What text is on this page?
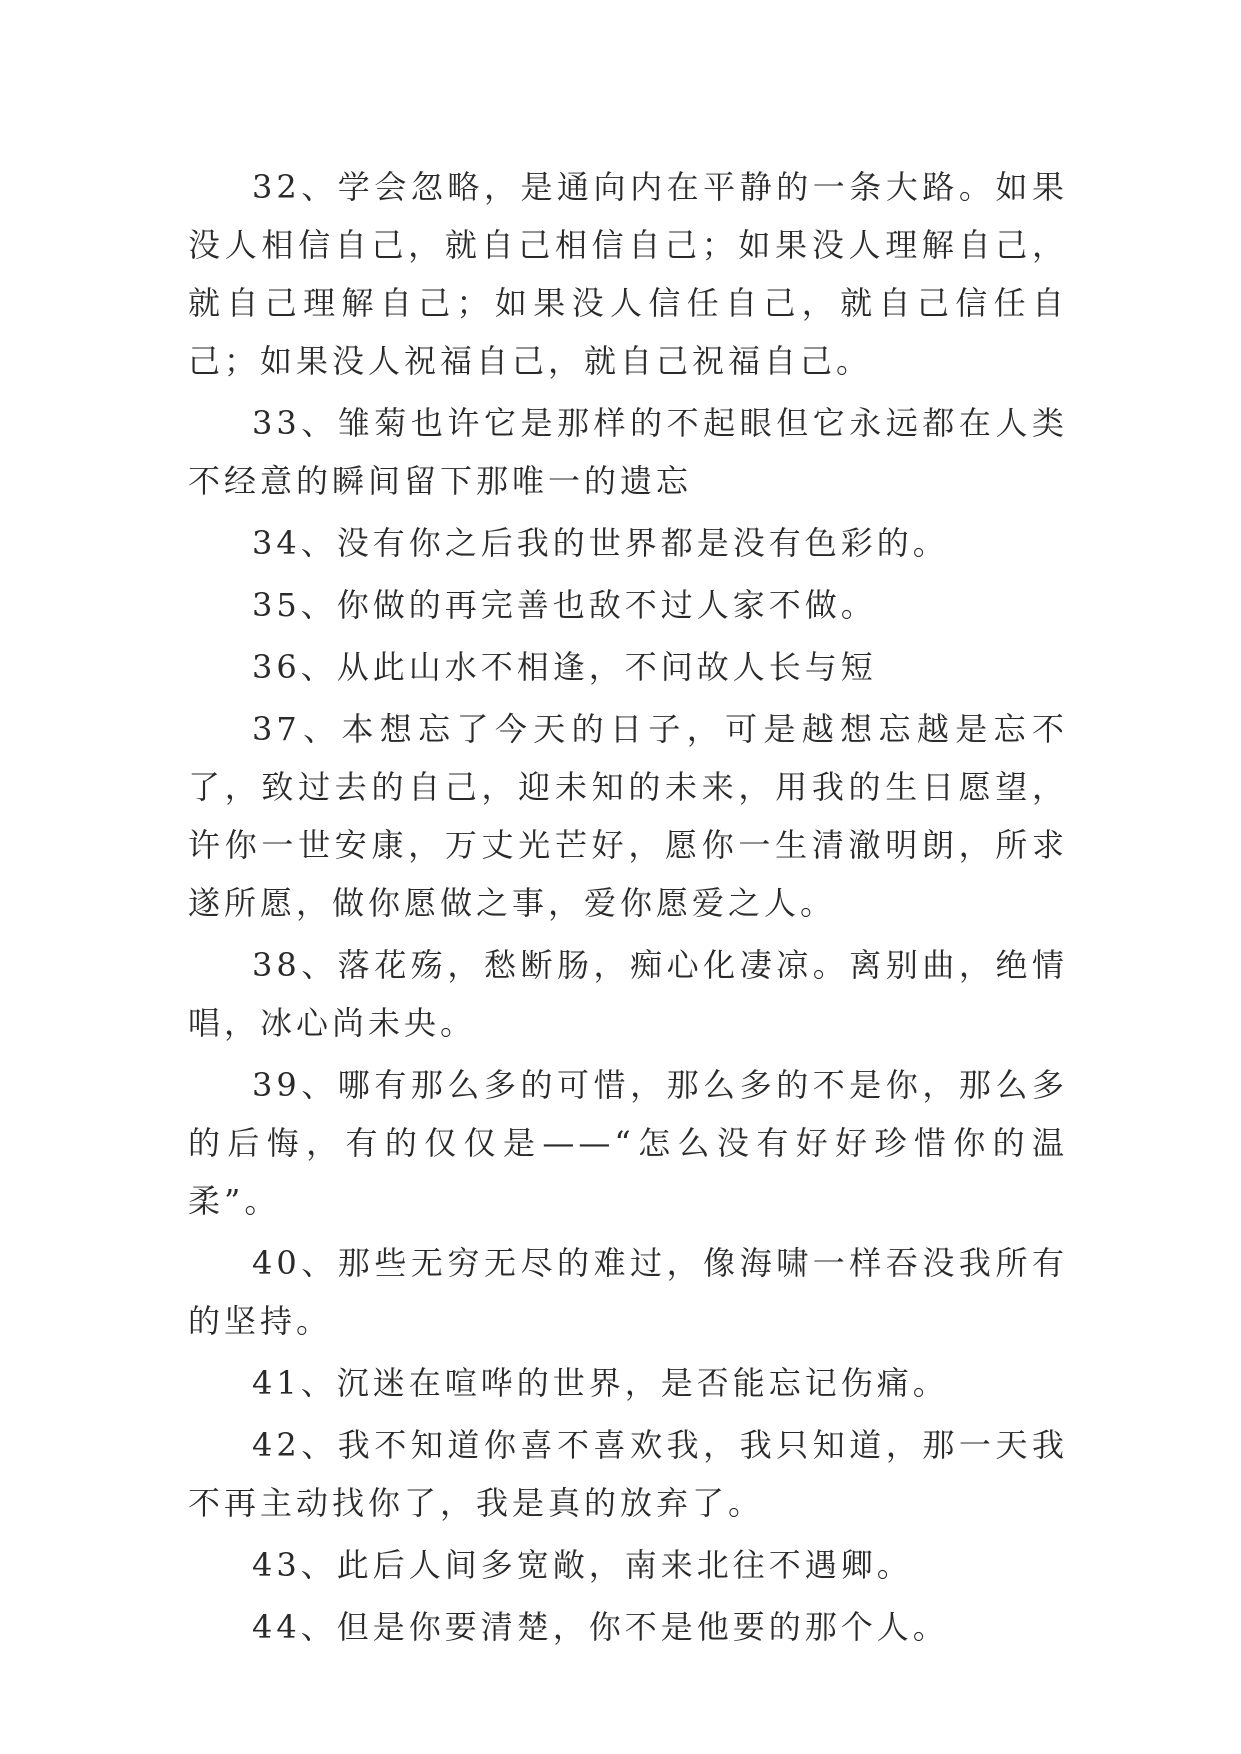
32、学会忽略，是通向内在平静的一条大路。如果没人相信自己，就自己相信自己；如果没人理解自己，就自己理解自己；如果没人信任自己，就自己信任自己；如果没人祝福自己，就自己祝福自己。

33、雏菊也许它是那样的不起眼但它永远都在人类不经意的瞬间留下那唯一的遗忘

34、没有你之后我的世界都是没有色彩的。

35、你做的再完善也敌不过人家不做。

36、从此山水不相逢，不问故人长与短

37、本想忘了今天的日子，可是越想忘越是忘不了，致过去的自己，迎未知的未来，用我的生日愿望，许你一世安康，万丈光芒好，愿你一生清澈明朗，所求遂所愿，做你愿做之事，爱你愿爱之人。

38、落花殇，愁断肠，痴心化凄凉。离别曲，绝情唱，冰心尚未央。

39、哪有那么多的可惜，那么多的不是你，那么多的后悔，有的仅仅是——“怎么没有好好珍惜你的温柔”。

40、那些无穷无尽的难过，像海啸一样吞没我所有的坚持。

41、沉迷在喧哗的世界，是否能忘记伤痛。

42、我不知道你喜不喜欢我，我只知道，那一天我不再主动找你了，我是真的放弃了。

43、此后人间多宽敞，南来北往不遇卿。

44、但是你要清楚，你不是他要的那个人。
